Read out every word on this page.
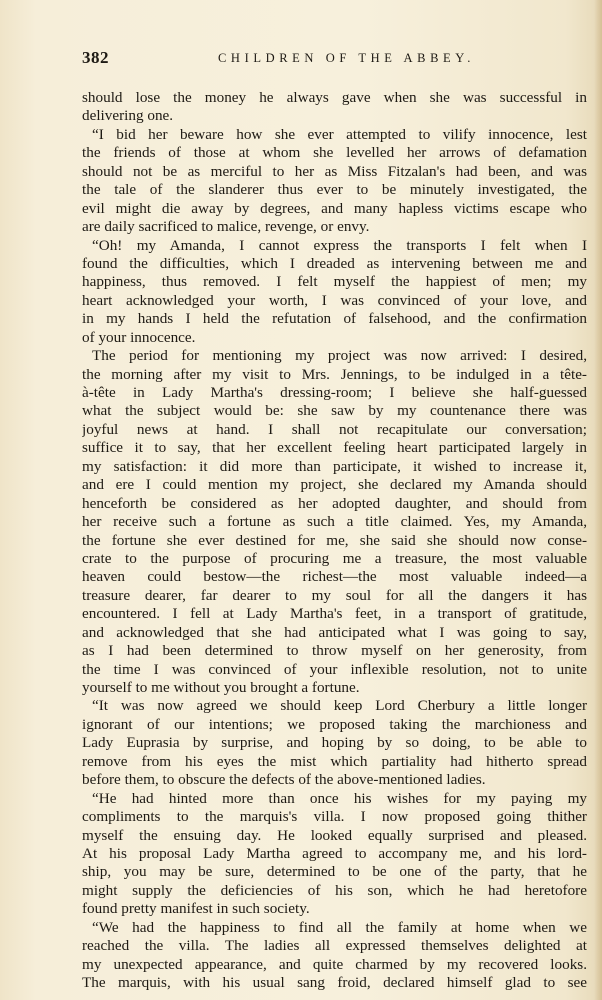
382	CHILDREN OF THE ABBEY.
should lose the money he always gave when she was successful in
delivering one.
“I bid her beware how she ever attempted to vilify innocence, lest
the friends of those at whom she levelled her arrows of defamation
should not be as merciful to her as Miss Fitzalan's had been, and was
the tale of the slanderer thus ever to be minutely investigated, the
evil might die away by degrees, and many hapless victims escape who
are daily sacrificed to malice, revenge, or envy.
“Oh! my Amanda, I cannot express the transports I felt when I
found the difficulties, which I dreaded as intervening between me and
happiness, thus removed. I felt myself the happiest of men; my
heart acknowledged your worth, I was convinced of your love, and
in my hands I held the refutation of falsehood, and the confirmation
of your innocence.
The period for mentioning my project was now arrived: I desired,
the morning after my visit to Mrs. Jennings, to be indulged in a tête-
à-tête in Lady Martha's dressing-room; I believe she half-guessed
what the subject would be: she saw by my countenance there was
joyful news at hand. I shall not recapitulate our conversation;
suffice it to say, that her excellent feeling heart participated largely in
my satisfaction: it did more than participate, it wished to increase it,
and ere I could mention my project, she declared my Amanda should
henceforth be considered as her adopted daughter, and should from
her receive such a fortune as such a title claimed. Yes, my Amanda,
the fortune she ever destined for me, she said she should now conse-
crate to the purpose of procuring me a treasure, the most valuable
heaven could bestow—the richest—the most valuable indeed—a
treasure dearer, far dearer to my soul for all the dangers it has
encountered. I fell at Lady Martha's feet, in a transport of gratitude,
and acknowledged that she had anticipated what I was going to say,
as I had been determined to throw myself on her generosity, from
the time I was convinced of your inflexible resolution, not to unite
yourself to me without you brought a fortune.
“It was now agreed we should keep Lord Cherbury a little longer
ignorant of our intentions; we proposed taking the marchioness and
Lady Euprasia by surprise, and hoping by so doing, to be able to
remove from his eyes the mist which partiality had hitherto spread
before them, to obscure the defects of the above-mentioned ladies.
“He had hinted more than once his wishes for my paying my
compliments to the marquis's villa. I now proposed going thither
myself the ensuing day. He looked equally surprised and pleased.
At his proposal Lady Martha agreed to accompany me, and his lord-
ship, you may be sure, determined to be one of the party, that he
might supply the deficiencies of his son, which he had heretofore
found pretty manifest in such society.
“We had the happiness to find all the family at home when we
reached the villa. The ladies all expressed themselves delighted at
my unexpected appearance, and quite charmed by my recovered looks.
The marquis, with his usual sang froid, declared himself glad to see
